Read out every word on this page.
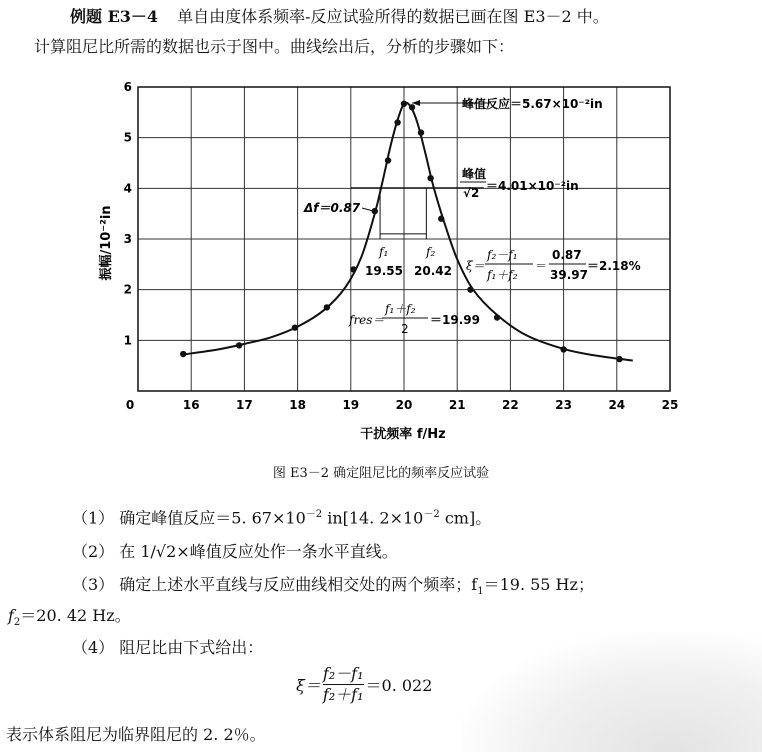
例题 E3－4 单自由度体系频率-反应试验所得的数据已画在图 E3－2 中。
计算阻尼比所需的数据也示于图中。曲线绘出后，分析的步骤如下：
0	16	17	18	19	20	21	22	23	24	25
1
2
3
4
5
6
振幅/10⁻²in
干扰频率 f/Hz
峰值反应＝5.67×10⁻²in
峰值
√2 ＝4.01×10⁻²in
Δf＝0.87
f₁
19.55
f₂
20.42 ξ＝
f₂－f₁
f₁＋f₂
＝
0.87
39.97
＝2.18%
fres＝
f₁＋f₂
2
＝19.99
图 E3－2 确定阻尼比的频率反应试验
（1） 确定峰值反应＝5. $67\times 10^{-2}$ in[14. $2\times 10^{-2}$ cm]。
（2） 在 1/√2×峰值反应处作一条水平直线。
（3） 确定上述水平直线与反应曲线相交处的两个频率；$f_1=19$. 55 Hz；
$f_2=20$. 42 Hz。
（4） 阻尼比由下式给出：
$\xi= \frac{\text{f₂－f₁}}{\text{f₂＋f₁}} =0$. 022
表示体系阻尼为临界阻尼的 2. 2％。
